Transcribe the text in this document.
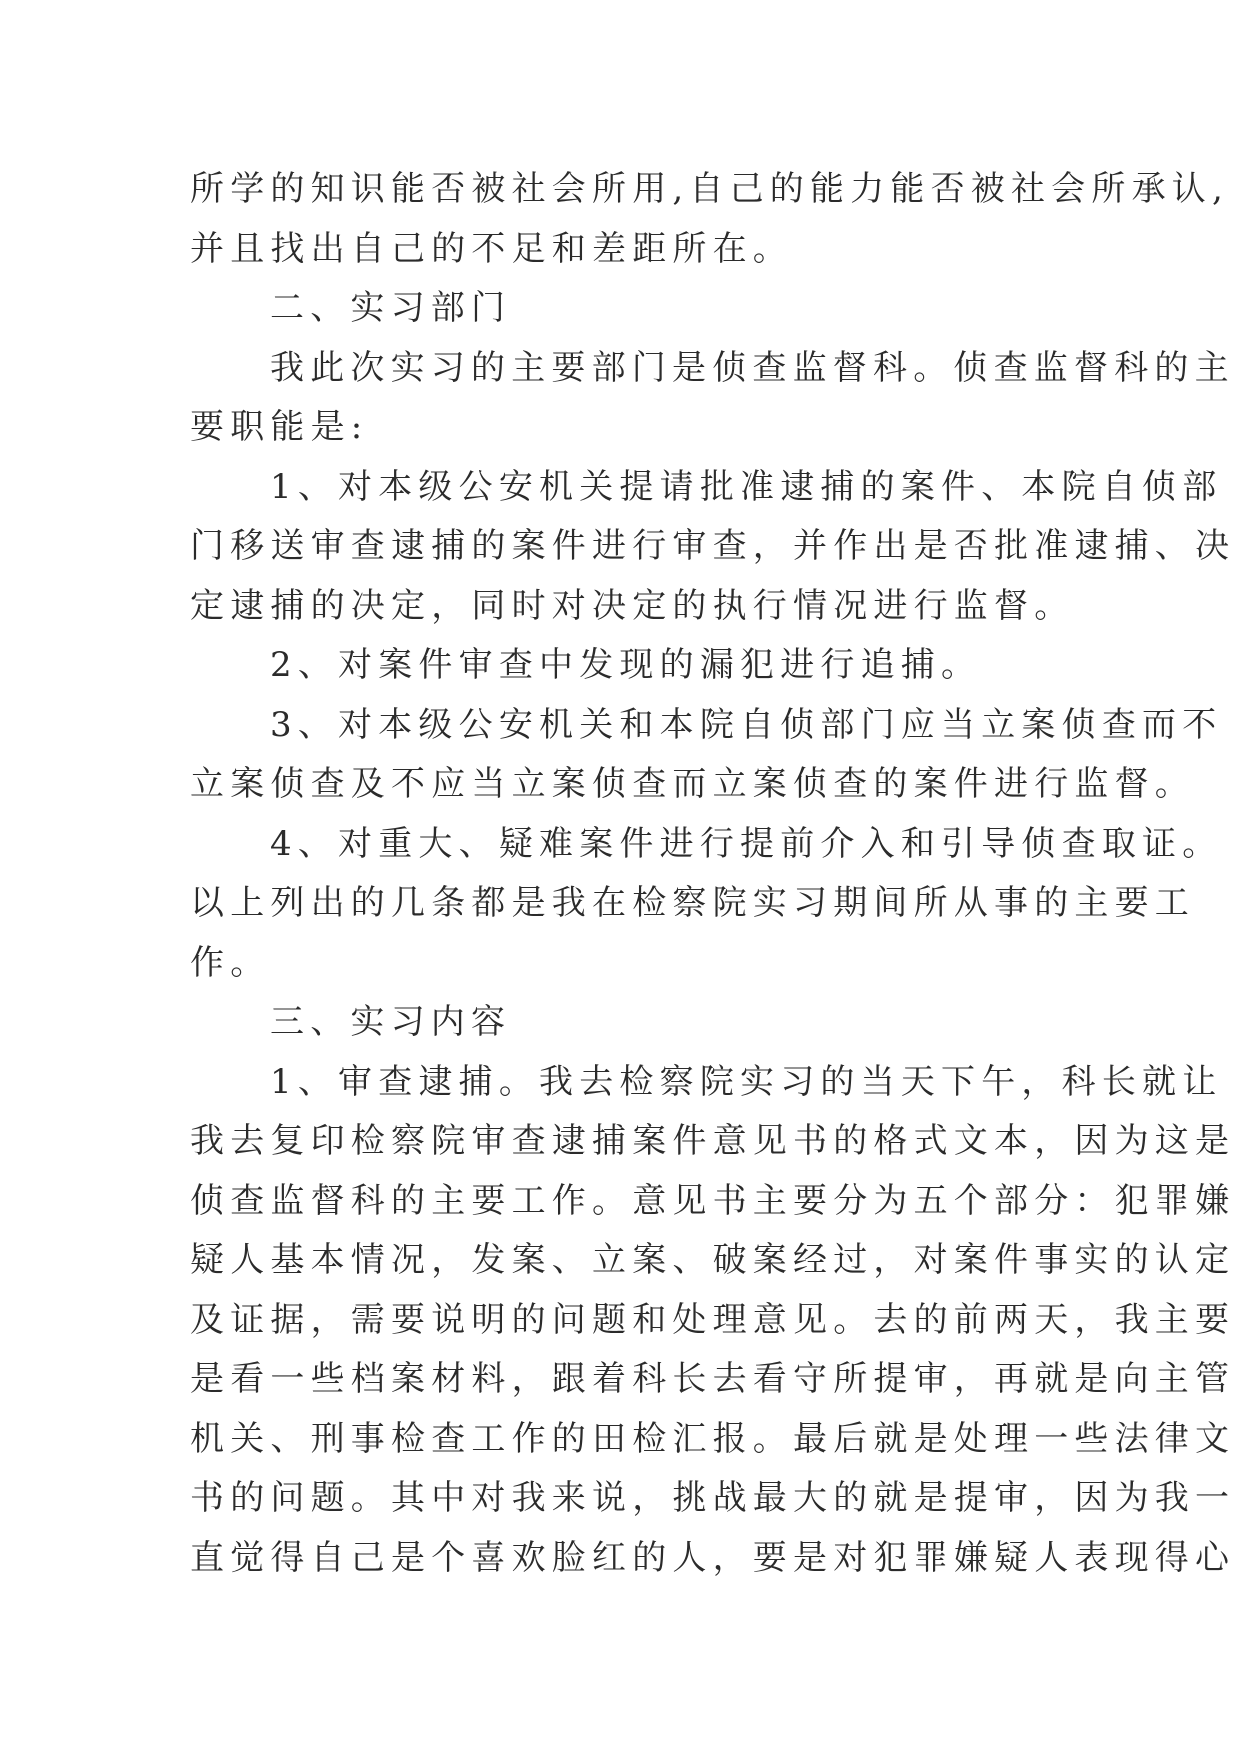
所学的知识能否被社会所用,自己的能力能否被社会所承认,
并且找出自己的不足和差距所在。
二、实习部门
我此次实习的主要部门是侦查监督科。侦查监督科的主
要职能是:
1、对本级公安机关提请批准逮捕的案件、本院自侦部
门移送审查逮捕的案件进行审查，并作出是否批准逮捕、决
定逮捕的决定，同时对决定的执行情况进行监督。
2、对案件审查中发现的漏犯进行追捕。
3、对本级公安机关和本院自侦部门应当立案侦查而不
立案侦查及不应当立案侦查而立案侦查的案件进行监督。
4、对重大、疑难案件进行提前介入和引导侦查取证。
以上列出的几条都是我在检察院实习期间所从事的主要工
作。
三、实习内容
1、审查逮捕。我去检察院实习的当天下午，科长就让
我去复印检察院审查逮捕案件意见书的格式文本，因为这是
侦查监督科的主要工作。意见书主要分为五个部分：犯罪嫌
疑人基本情况，发案、立案、破案经过，对案件事实的认定
及证据，需要说明的问题和处理意见。去的前两天，我主要
是看一些档案材料，跟着科长去看守所提审，再就是向主管
机关、刑事检查工作的田检汇报。最后就是处理一些法律文
书的问题。其中对我来说，挑战最大的就是提审，因为我一
直觉得自己是个喜欢脸红的人，要是对犯罪嫌疑人表现得心
